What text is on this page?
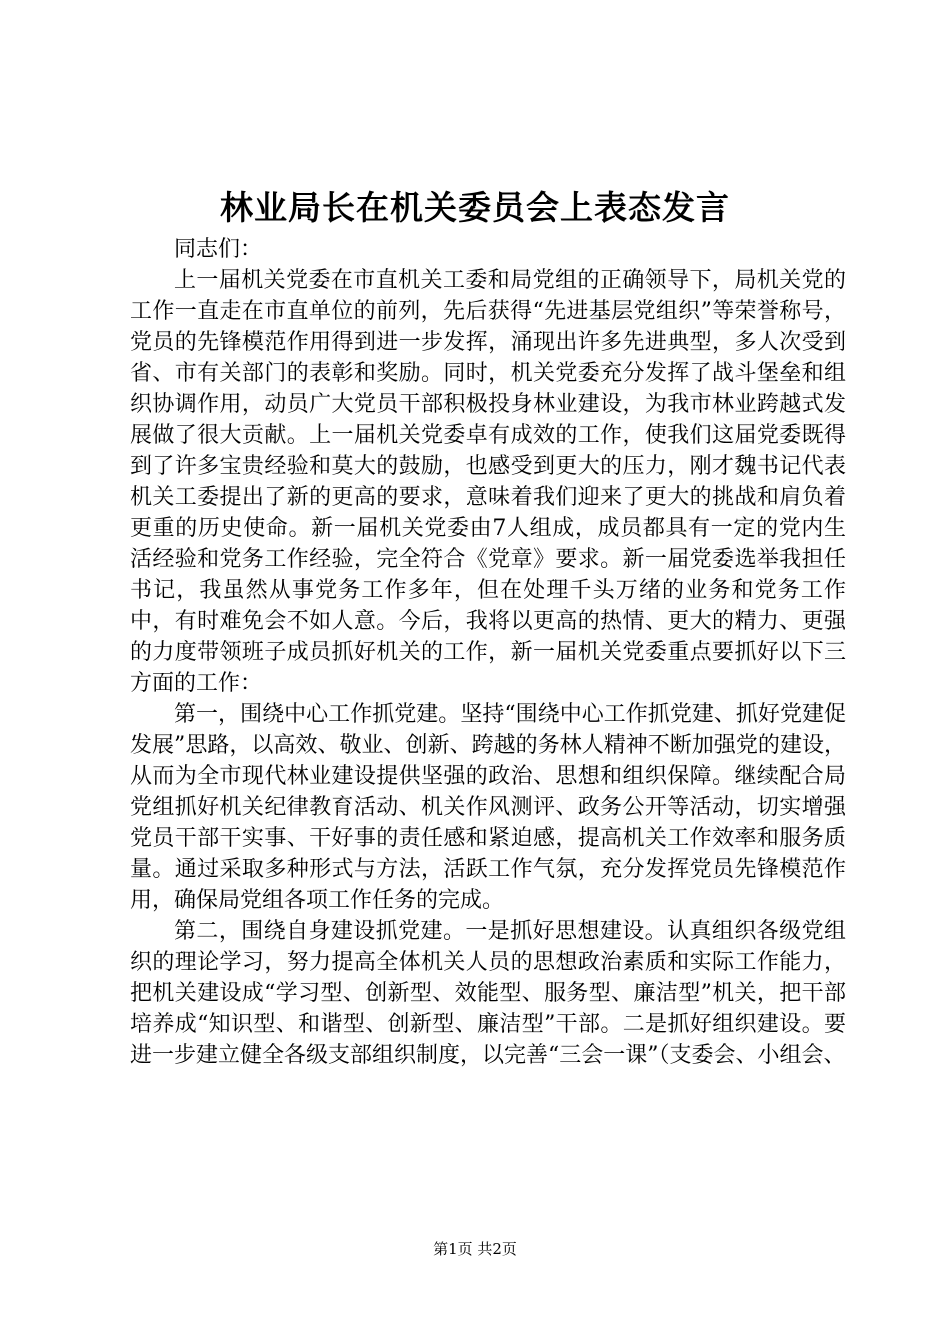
林业局长在机关委员会上表态发言

同志们：

上一届机关党委在市直机关工委和局党组的正确领导下，局机关党的工作一直走在市直单位的前列，先后获得“先进基层党组织”等荣誉称号，党员的先锋模范作用得到进一步发挥，涌现出许多先进典型，多人次受到省、市有关部门的表彰和奖励。同时，机关党委充分发挥了战斗堡垒和组织协调作用，动员广大党员干部积极投身林业建设，为我市林业跨越式发展做了很大贡献。上一届机关党委卓有成效的工作，使我们这届党委既得到了许多宝贵经验和莫大的鼓励，也感受到更大的压力，刚才魏书记代表机关工委提出了新的更高的要求，意味着我们迎来了更大的挑战和肩负着更重的历史使命。新一届机关党委由7人组成，成员都具有一定的党内生活经验和党务工作经验，完全符合《党章》要求。新一届党委选举我担任书记，我虽然从事党务工作多年，但在处理千头万绪的业务和党务工作中，有时难免会不如人意。今后，我将以更高的热情、更大的精力、更强的力度带领班子成员抓好机关的工作，新一届机关党委重点要抓好以下三方面的工作：

第一，围绕中心工作抓党建。坚持“围绕中心工作抓党建、抓好党建促发展”思路，以高效、敬业、创新、跨越的务林人精神不断加强党的建设，从而为全市现代林业建设提供坚强的政治、思想和组织保障。继续配合局党组抓好机关纪律教育活动、机关作风测评、政务公开等活动，切实增强党员干部干实事、干好事的责任感和紧迫感，提高机关工作效率和服务质量。通过采取多种形式与方法，活跃工作气氛，充分发挥党员先锋模范作用，确保局党组各项工作任务的完成。

第二，围绕自身建设抓党建。一是抓好思想建设。认真组织各级党组织的理论学习，努力提高全体机关人员的思想政治素质和实际工作能力，把机关建设成“学习型、创新型、效能型、服务型、廉洁型”机关，把干部培养成“知识型、和谐型、创新型、廉洁型”干部。二是抓好组织建设。要进一步建立健全各级支部组织制度，以完善“三会一课”（支委会、小组会、

第1页 共2页
